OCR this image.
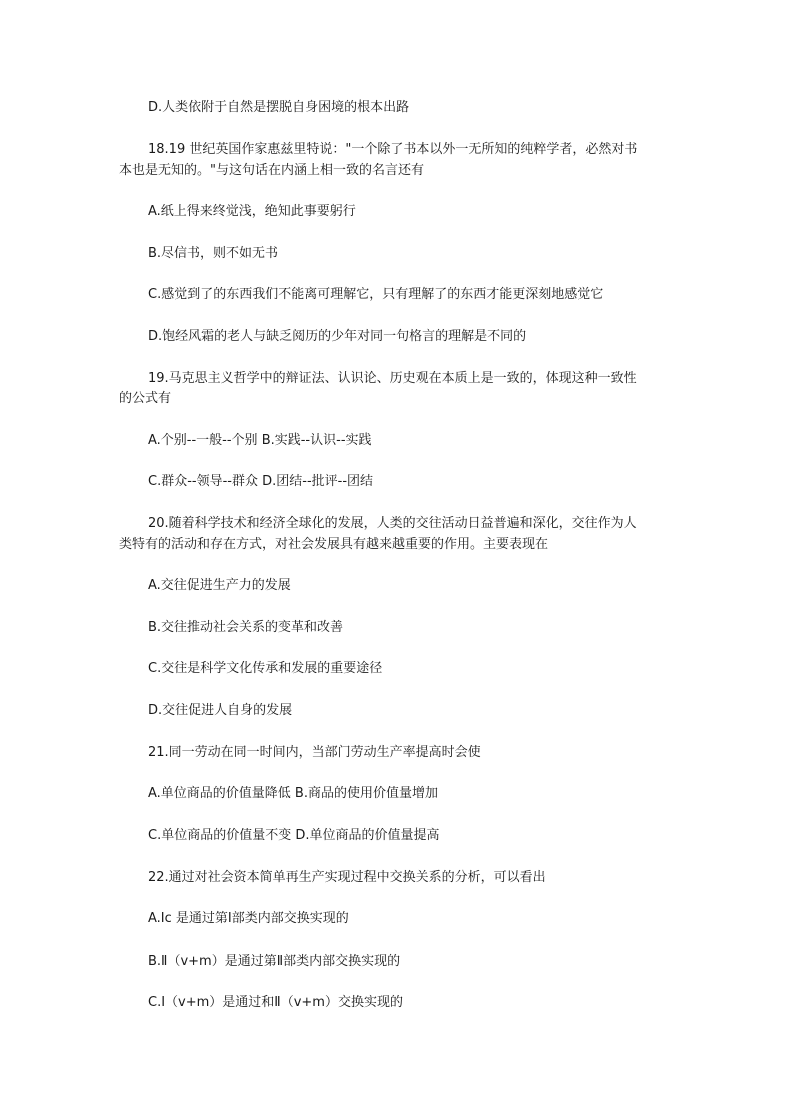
D.人类依附于自然是摆脱自身困境的根本出路
18.19 世纪英国作家惠兹里特说："一个除了书本以外一无所知的纯粹学者，必然对书
本也是无知的。"与这句话在内涵上相一致的名言还有
A.纸上得来终觉浅，绝知此事要躬行
B.尽信书，则不如无书
C.感觉到了的东西我们不能离可理解它，只有理解了的东西才能更深刻地感觉它
D.饱经风霜的老人与缺乏阅历的少年对同一句格言的理解是不同的
19.马克思主义哲学中的辩证法、认识论、历史观在本质上是一致的，体现这种一致性
的公式有
A.个别--一般--个别 B.实践--认识--实践
C.群众--领导--群众 D.团结--批评--团结
20.随着科学技术和经济全球化的发展，人类的交往活动日益普遍和深化，交往作为人
类特有的活动和存在方式，对社会发展具有越来越重要的作用。主要表现在
A.交往促进生产力的发展
B.交往推动社会关系的变革和改善
C.交往是科学文化传承和发展的重要途径
D.交往促进人自身的发展
21.同一劳动在同一时间内，当部门劳动生产率提高时会使
A.单位商品的价值量降低 B.商品的使用价值量增加
C.单位商品的价值量不变 D.单位商品的价值量提高
22.通过对社会资本简单再生产实现过程中交换关系的分析，可以看出
A.Ⅰc 是通过第Ⅰ部类内部交换实现的
B.Ⅱ（v+m）是通过第Ⅱ部类内部交换实现的
C.Ⅰ（v+m）是通过和Ⅱ（v+m）交换实现的
